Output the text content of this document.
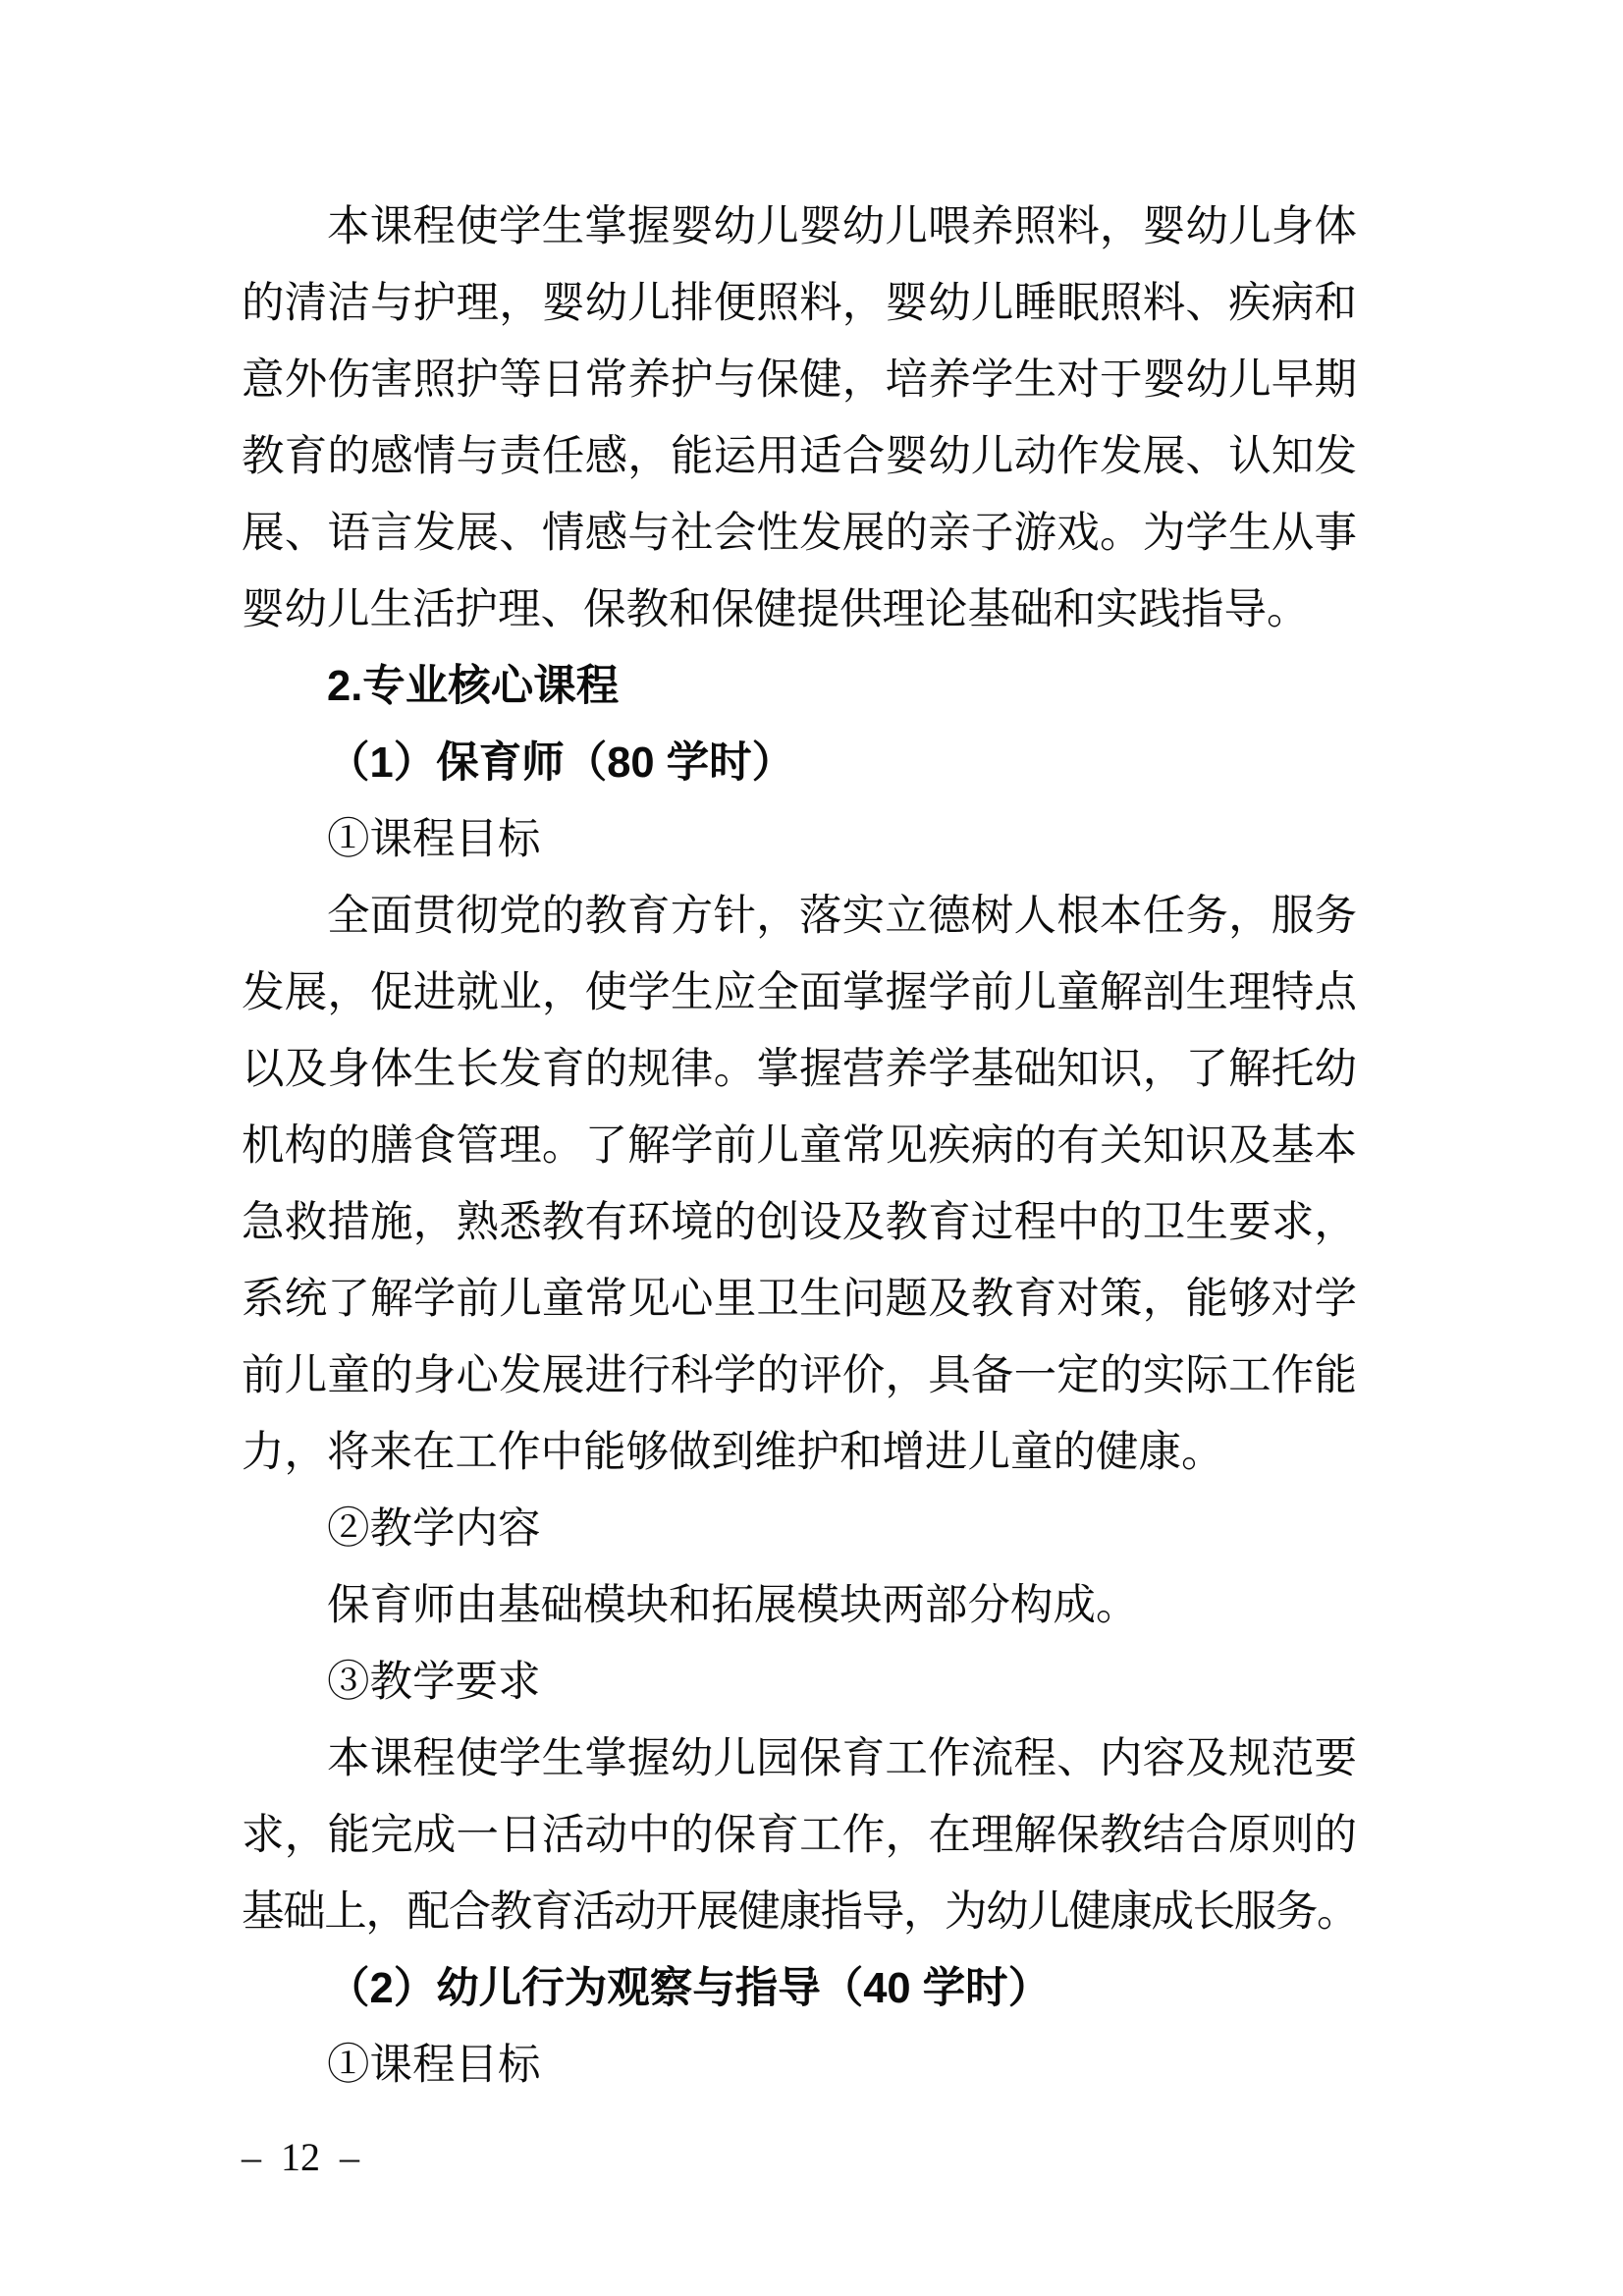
本课程使学生掌握婴幼儿婴幼儿喂养照料，婴幼儿身体
的清洁与护理，婴幼儿排便照料，婴幼儿睡眠照料、疾病和
意外伤害照护等日常养护与保健，培养学生对于婴幼儿早期
教育的感情与责任感，能运用适合婴幼儿动作发展、认知发
展、语言发展、情感与社会性发展的亲子游戏。为学生从事
婴幼儿生活护理、保教和保健提供理论基础和实践指导。
2.专业核心课程
（1）保育师（80 学时）
①课程目标
全面贯彻党的教育方针，落实立德树人根本任务，服务
发展，促进就业，使学生应全面掌握学前儿童解剖生理特点
以及身体生长发育的规律。掌握营养学基础知识，了解托幼
机构的膳食管理。了解学前儿童常见疾病的有关知识及基本
急救措施，熟悉教有环境的创设及教育过程中的卫生要求，
系统了解学前儿童常见心里卫生问题及教育对策，能够对学
前儿童的身心发展进行科学的评价，具备一定的实际工作能
力，将来在工作中能够做到维护和增进儿童的健康。
②教学内容
保育师由基础模块和拓展模块两部分构成。
③教学要求
本课程使学生掌握幼儿园保育工作流程、内容及规范要
求，能完成一日活动中的保育工作，在理解保教结合原则的
基础上，配合教育活动开展健康指导，为幼儿健康成长服务。
（2）幼儿行为观察与指导（40 学时）
①课程目标
– 12 –
